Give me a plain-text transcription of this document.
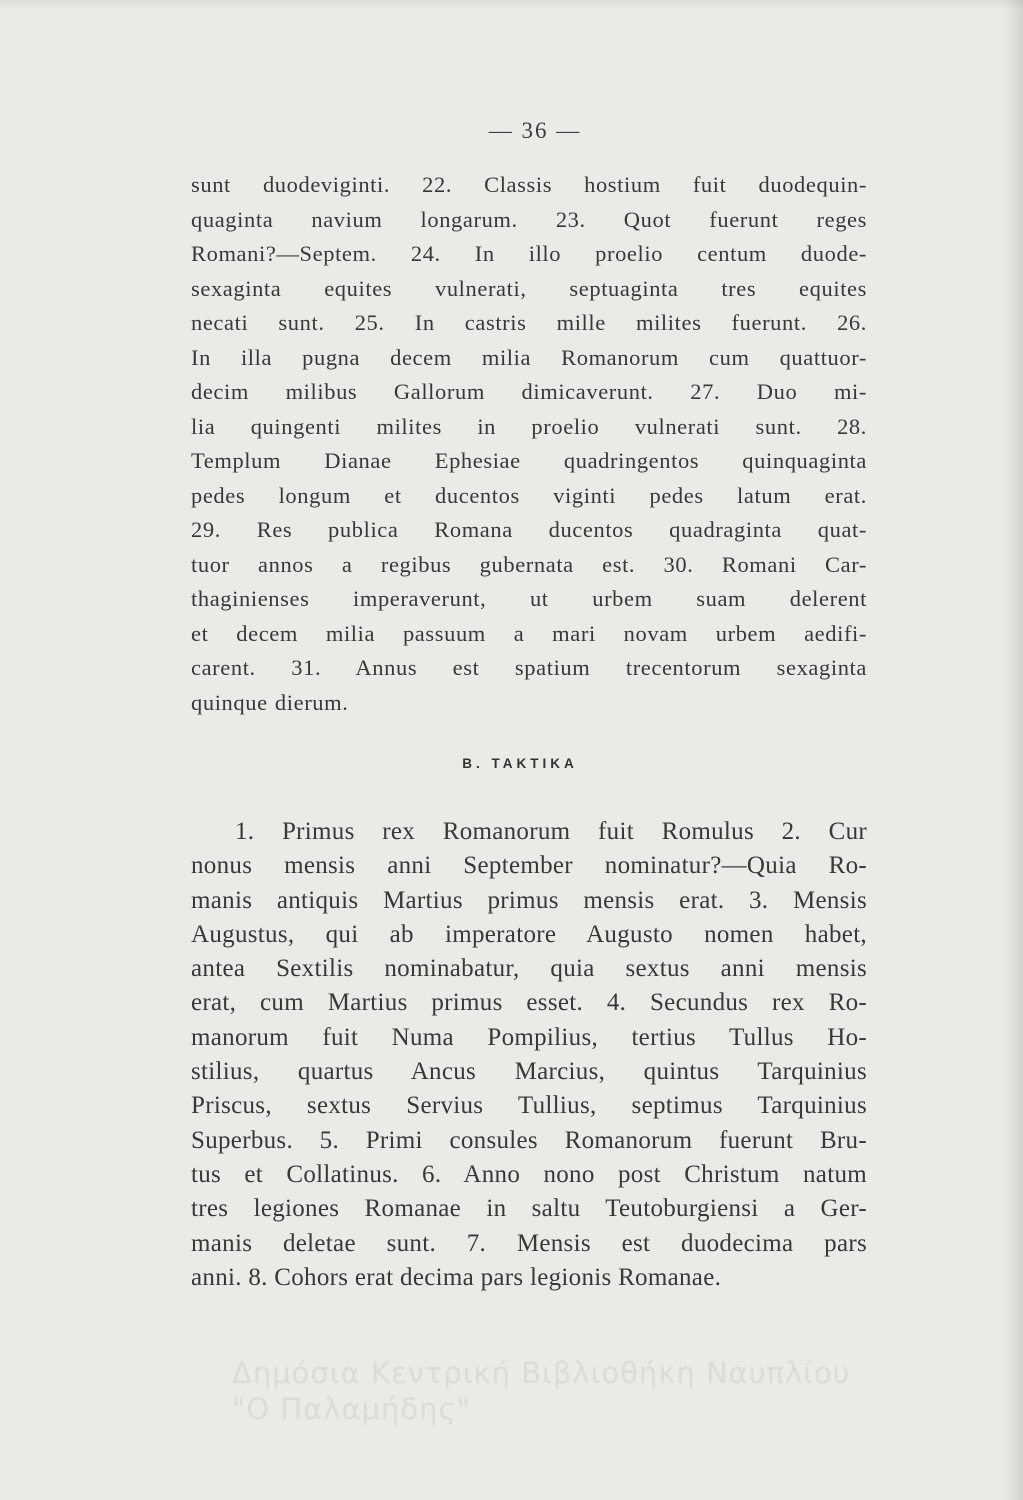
— 36 —
sunt duodeviginti. 22. Classis hostium fuit duodequin-
quaginta navium longarum. 23. Quot fuerunt reges
Romani?—Septem. 24. In illo proelio centum duode-
sexaginta equites vulnerati, septuaginta tres equites
necati sunt. 25. In castris mille milites fuerunt. 26.
In illa pugna decem milia Romanorum cum quattuor-
decim milibus Gallorum dimicaverunt. 27. Duo mi-
lia quingenti milites in proelio vulnerati sunt. 28.
Templum Dianae Ephesiae quadringentos quinquaginta
pedes longum et ducentos viginti pedes latum erat.
29. Res publica Romana ducentos quadraginta quat-
tuor annos a regibus gubernata est. 30. Romani Car-
thaginienses imperaverunt, ut urbem suam delerent
et decem milia passuum a mari novam urbem aedifi-
carent. 31. Annus est spatium trecentorum sexaginta
quinque dierum.
B. TAKTIKA
1. Primus rex Romanorum fuit Romulus 2. Cur
nonus mensis anni September nominatur?—Quia Ro-
manis antiquis Martius primus mensis erat. 3. Mensis
Augustus, qui ab imperatore Augusto nomen habet,
antea Sextilis nominabatur, quia sextus anni mensis
erat, cum Martius primus esset. 4. Secundus rex Ro-
manorum fuit Numa Pompilius, tertius Tullus Ho-
stilius, quartus Ancus Marcius, quintus Tarquinius
Priscus, sextus Servius Tullius, septimus Tarquinius
Superbus. 5. Primi consules Romanorum fuerunt Bru-
tus et Collatinus. 6. Anno nono post Christum natum
tres legiones Romanae in saltu Teutoburgiensi a Ger-
manis deletae sunt. 7. Mensis est duodecima pars
anni. 8. Cohors erat decima pars legionis Romanae.
Δημόσια Κεντρική Βιβλιοθήκη Ναυπλίου
"Ο Παλαμήδης"
